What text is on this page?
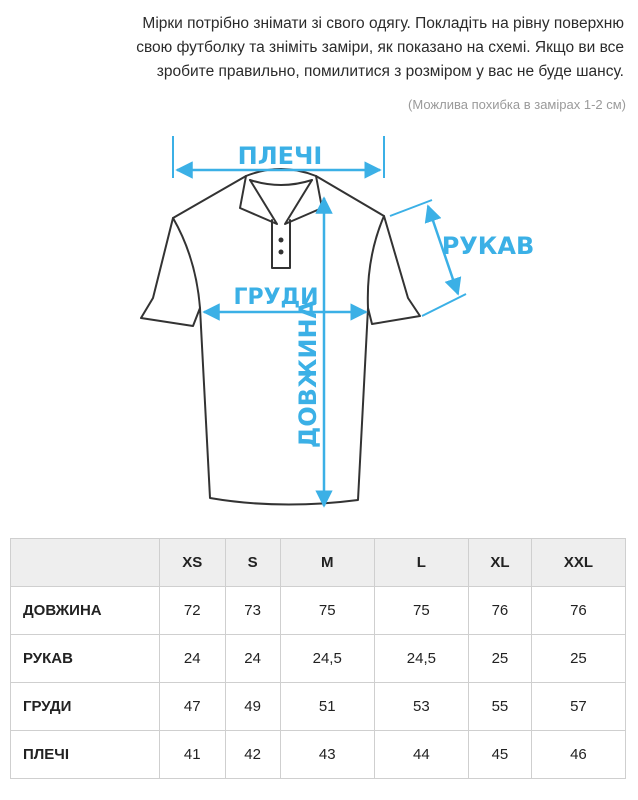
Мірки потрібно знімати зі свого одягу. Покладіть на рівну поверхню
свою футболку та зніміть заміри, як показано на схемі. Якщо ви все
зробите правильно, помилитися з розміром у вас не буде шансу.
(Можлива похибка в замірах 1-2 см)
ПЛЕЧІ
РУКАВ
ГРУДИ
ДОВЖИНА
	XS	S	M	L	XL	XXL
ДОВЖИНА	72	73	75	75	76	76
РУКАВ	24	24	24,5	24,5	25	25
ГРУДИ	47	49	51	53	55	57
ПЛЕЧІ	41	42	43	44	45	46
